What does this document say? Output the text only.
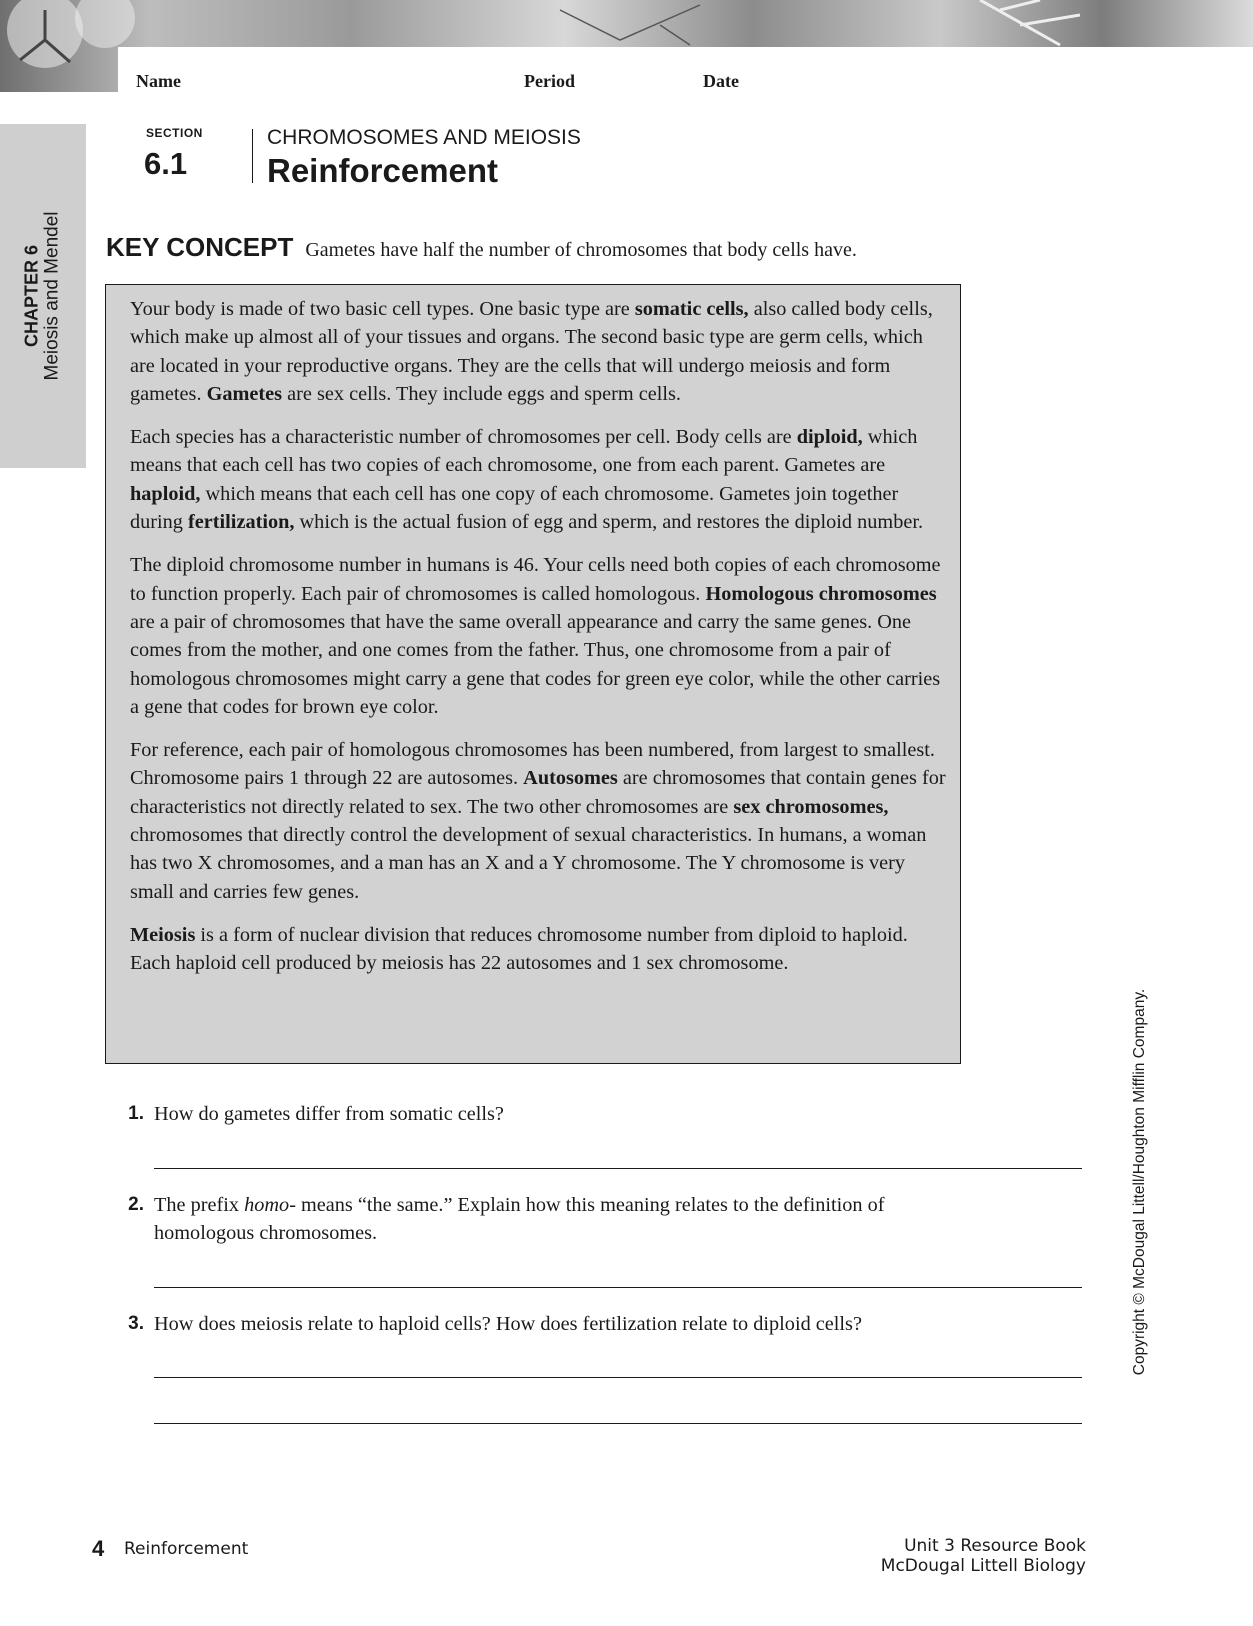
Name	Period	Date
CHAPTER 6 Meiosis and Mendel
SECTION
6.1
CHROMOSOMES AND MEIOSIS
Reinforcement
KEY CONCEPT Gametes have half the number of chromosomes that body cells have.

Your body is made of two basic cell types. One basic type are somatic cells, also called body cells, which make up almost all of your tissues and organs. The second basic type are germ cells, which are located in your reproductive organs. They are the cells that will undergo meiosis and form gametes. Gametes are sex cells. They include eggs and sperm cells.

Each species has a characteristic number of chromosomes per cell. Body cells are diploid, which means that each cell has two copies of each chromosome, one from each parent. Gametes are haploid, which means that each cell has one copy of each chromosome. Gametes join together during fertilization, which is the actual fusion of egg and sperm, and restores the diploid number.

The diploid chromosome number in humans is 46. Your cells need both copies of each chromosome to function properly. Each pair of chromosomes is called homologous. Homologous chromosomes are a pair of chromosomes that have the same overall appearance and carry the same genes. One comes from the mother, and one comes from the father. Thus, one chromosome from a pair of homologous chromosomes might carry a gene that codes for green eye color, while the other carries a gene that codes for brown eye color.

For reference, each pair of homologous chromosomes has been numbered, from largest to smallest. Chromosome pairs 1 through 22 are autosomes. Autosomes are chromosomes that contain genes for characteristics not directly related to sex. The two other chromosomes are sex chromosomes, chromosomes that directly control the development of sexual characteristics. In humans, a woman has two X chromosomes, and a man has an X and a Y chromosome. The Y chromosome is very small and carries few genes.

Meiosis is a form of nuclear division that reduces chromosome number from diploid to haploid. Each haploid cell produced by meiosis has 22 autosomes and 1 sex chromosome.

1. How do gametes differ from somatic cells?
2. The prefix homo- means “the same.” Explain how this meaning relates to the definition of homologous chromosomes.
3. How does meiosis relate to haploid cells? How does fertilization relate to diploid cells?	Copyright © McDougal Littell/Houghton Mifflin Company.
4 Reinforcement	Unit 3 Resource Book
McDougal Littell Biology
